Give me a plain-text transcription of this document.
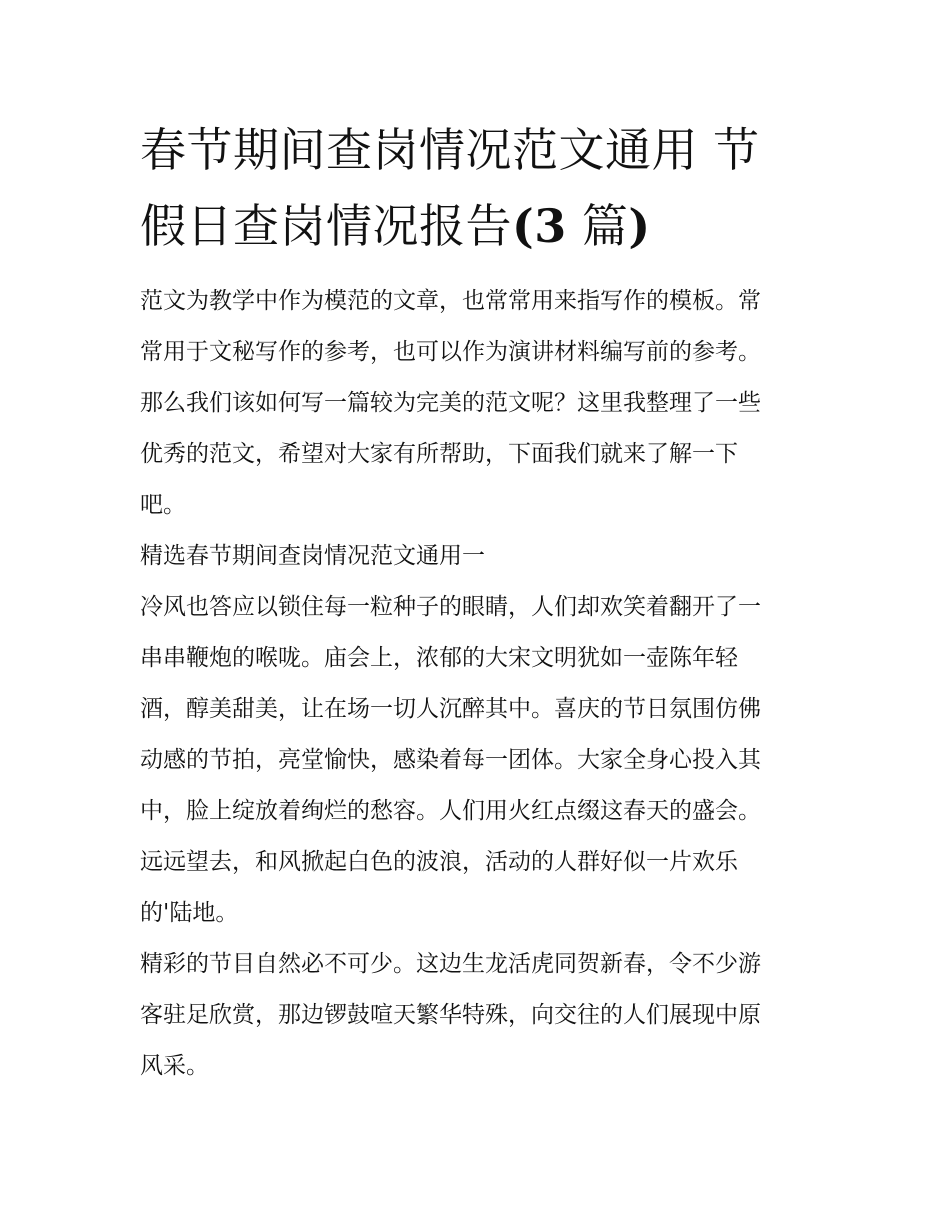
春节期间查岗情况范文通用 节
假日查岗情况报告(3 篇)
范文为教学中作为模范的文章，也常常用来指写作的模板。常
常用于文秘写作的参考，也可以作为演讲材料编写前的参考。
那么我们该如何写一篇较为完美的范文呢？这里我整理了一些
优秀的范文，希望对大家有所帮助，下面我们就来了解一下
吧。
精选春节期间查岗情况范文通用一
冷风也答应以锁住每一粒种子的眼睛，人们却欢笑着翻开了一
串串鞭炮的喉咙。庙会上，浓郁的大宋文明犹如一壶陈年轻
酒，醇美甜美，让在场一切人沉醉其中。喜庆的节日氛围仿佛
动感的节拍，亮堂愉快，感染着每一团体。大家全身心投入其
中，脸上绽放着绚烂的愁容。人们用火红点缀这春天的盛会。
远远望去，和风掀起白色的波浪，活动的人群好似一片欢乐
的'陆地。
精彩的节目自然必不可少。这边生龙活虎同贺新春，令不少游
客驻足欣赏，那边锣鼓喧天繁华特殊，向交往的人们展现中原
风采。
